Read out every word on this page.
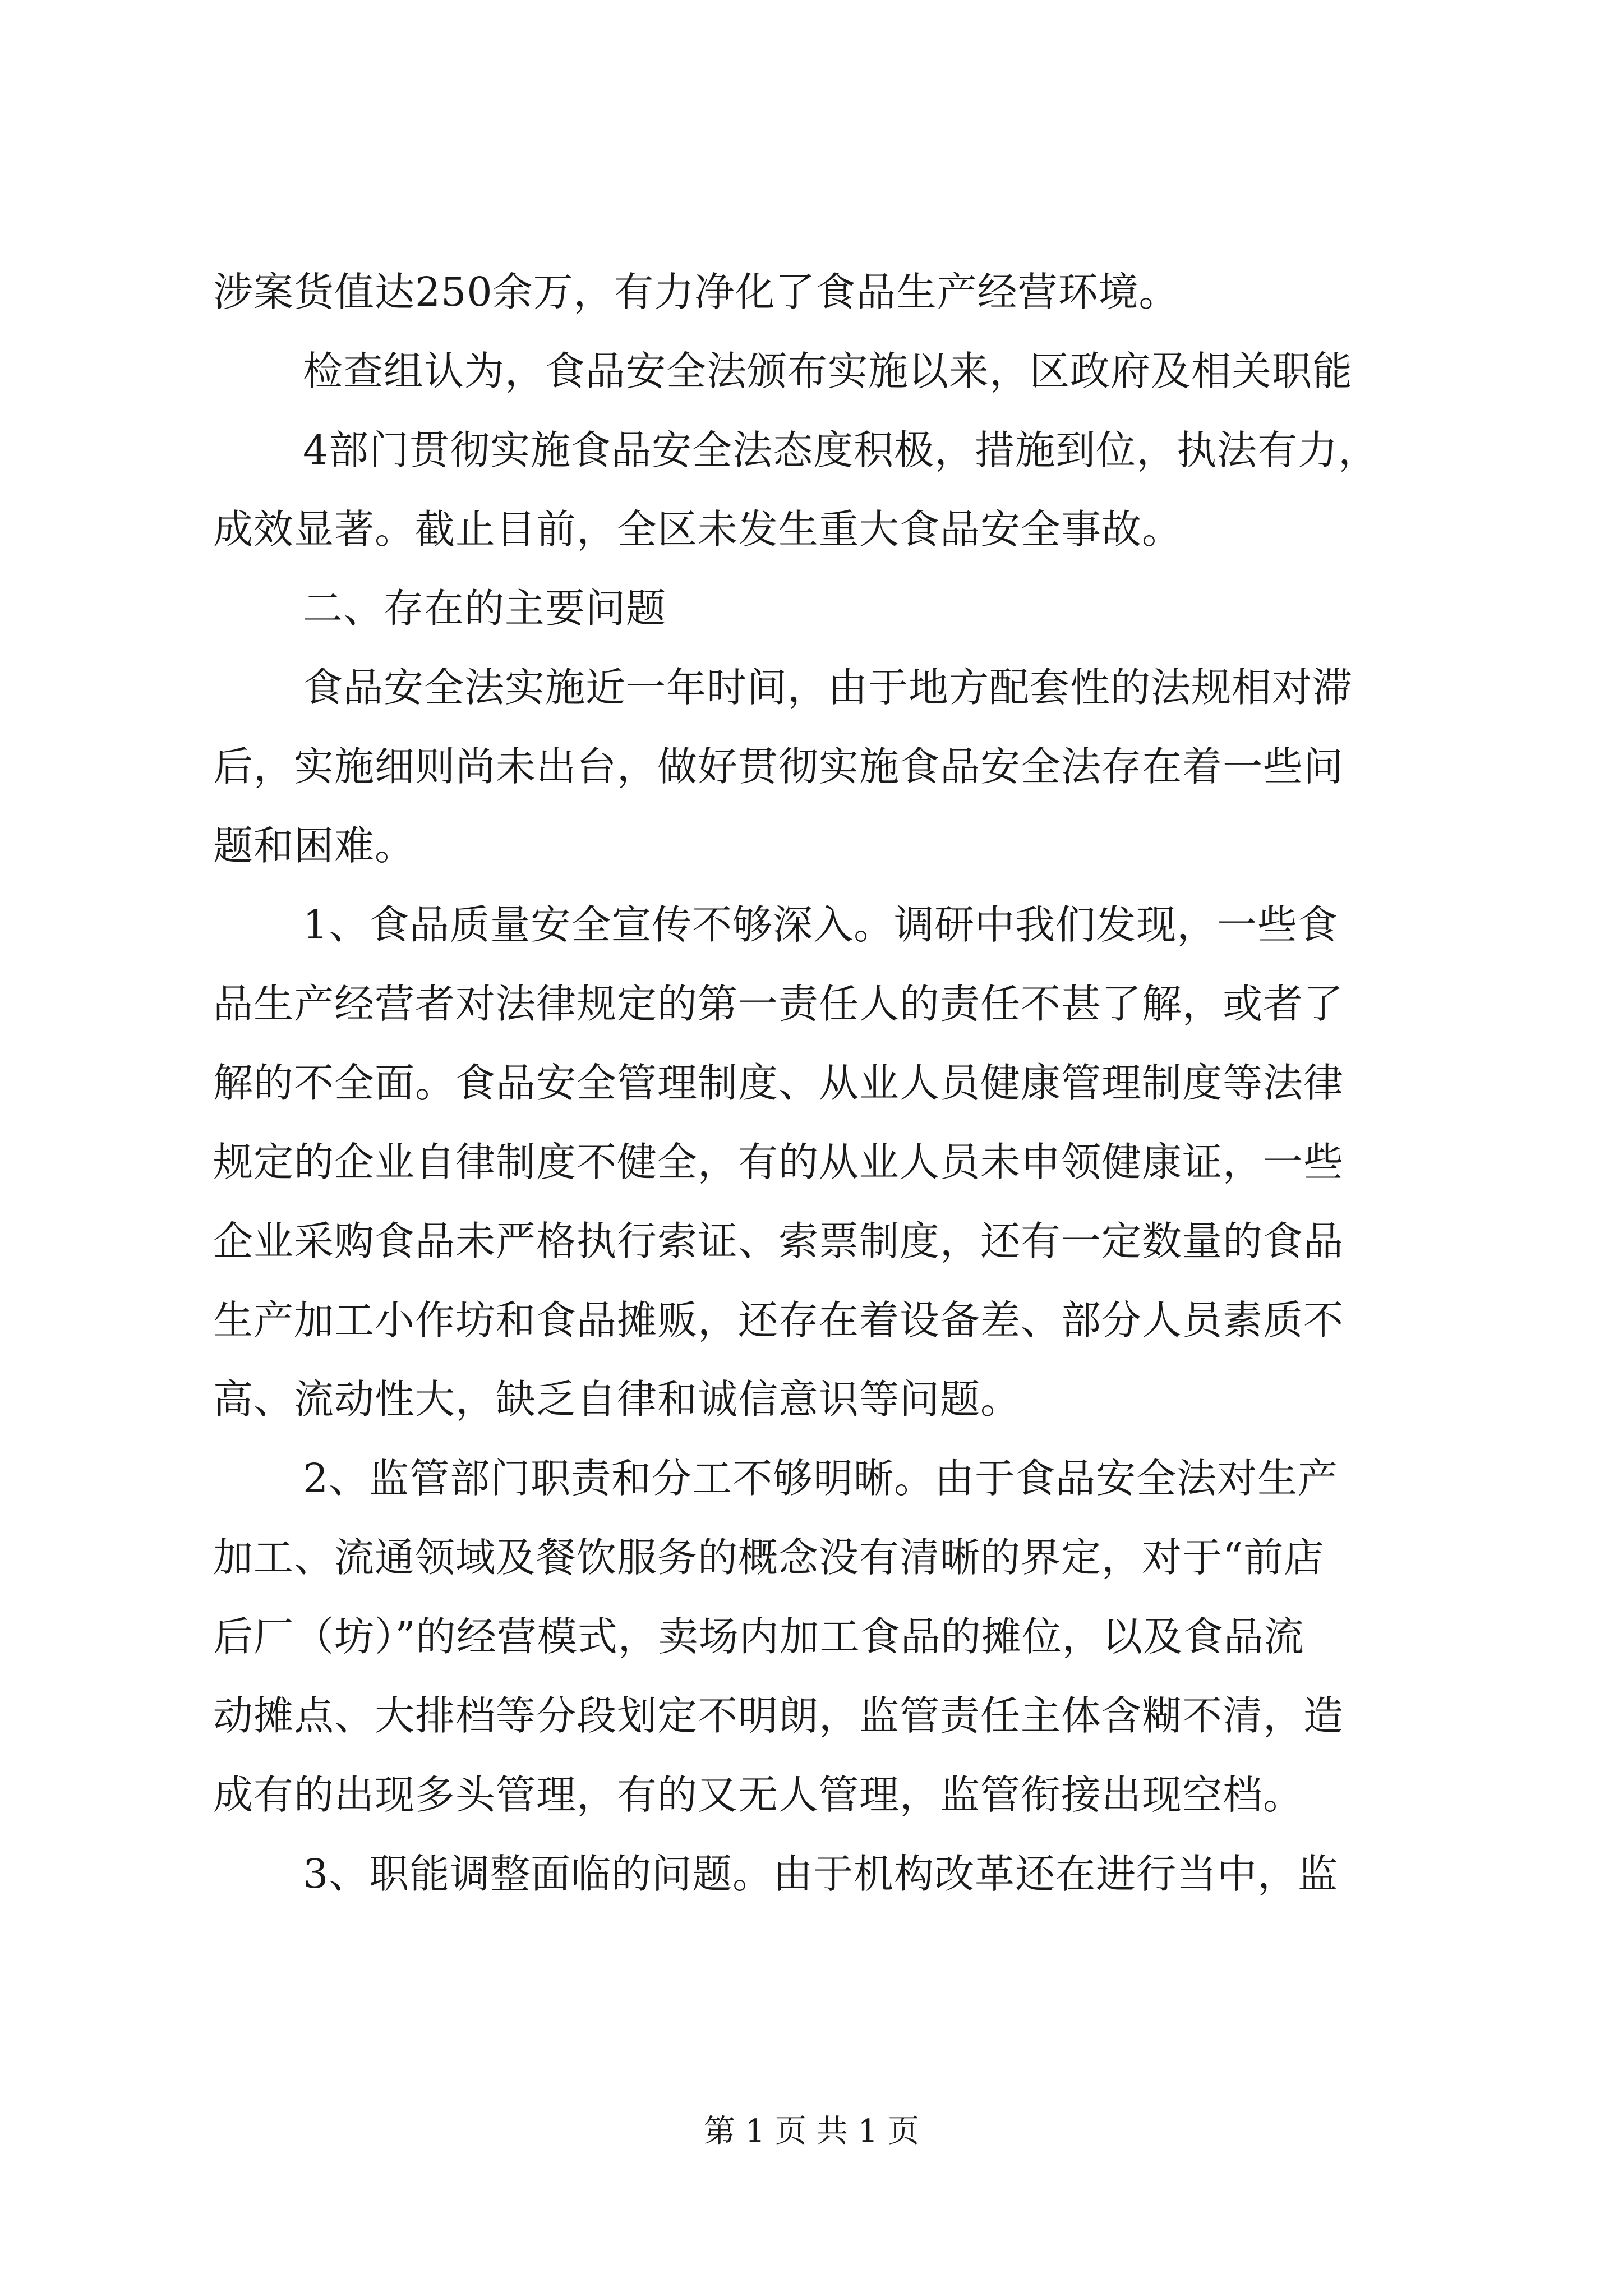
涉案货值达250余万，有力净化了食品生产经营环境。
检查组认为，食品安全法颁布实施以来，区政府及相关职能
4部门贯彻实施食品安全法态度积极，措施到位，执法有力，
成效显著。截止目前，全区未发生重大食品安全事故。
二、存在的主要问题
食品安全法实施近一年时间，由于地方配套性的法规相对滞
后，实施细则尚未出台，做好贯彻实施食品安全法存在着一些问
题和困难。
1、食品质量安全宣传不够深入。调研中我们发现，一些食
品生产经营者对法律规定的第一责任人的责任不甚了解，或者了
解的不全面。食品安全管理制度、从业人员健康管理制度等法律
规定的企业自律制度不健全，有的从业人员未申领健康证，一些
企业采购食品未严格执行索证、索票制度，还有一定数量的食品
生产加工小作坊和食品摊贩，还存在着设备差、部分人员素质不
高、流动性大，缺乏自律和诚信意识等问题。
2、监管部门职责和分工不够明晰。由于食品安全法对生产
加工、流通领域及餐饮服务的概念没有清晰的界定，对于“前店
后厂（坊）”的经营模式，卖场内加工食品的摊位，以及食品流
动摊点、大排档等分段划定不明朗，监管责任主体含糊不清，造
成有的出现多头管理，有的又无人管理，监管衔接出现空档。
3、职能调整面临的问题。由于机构改革还在进行当中，监
第 1 页 共 1 页
